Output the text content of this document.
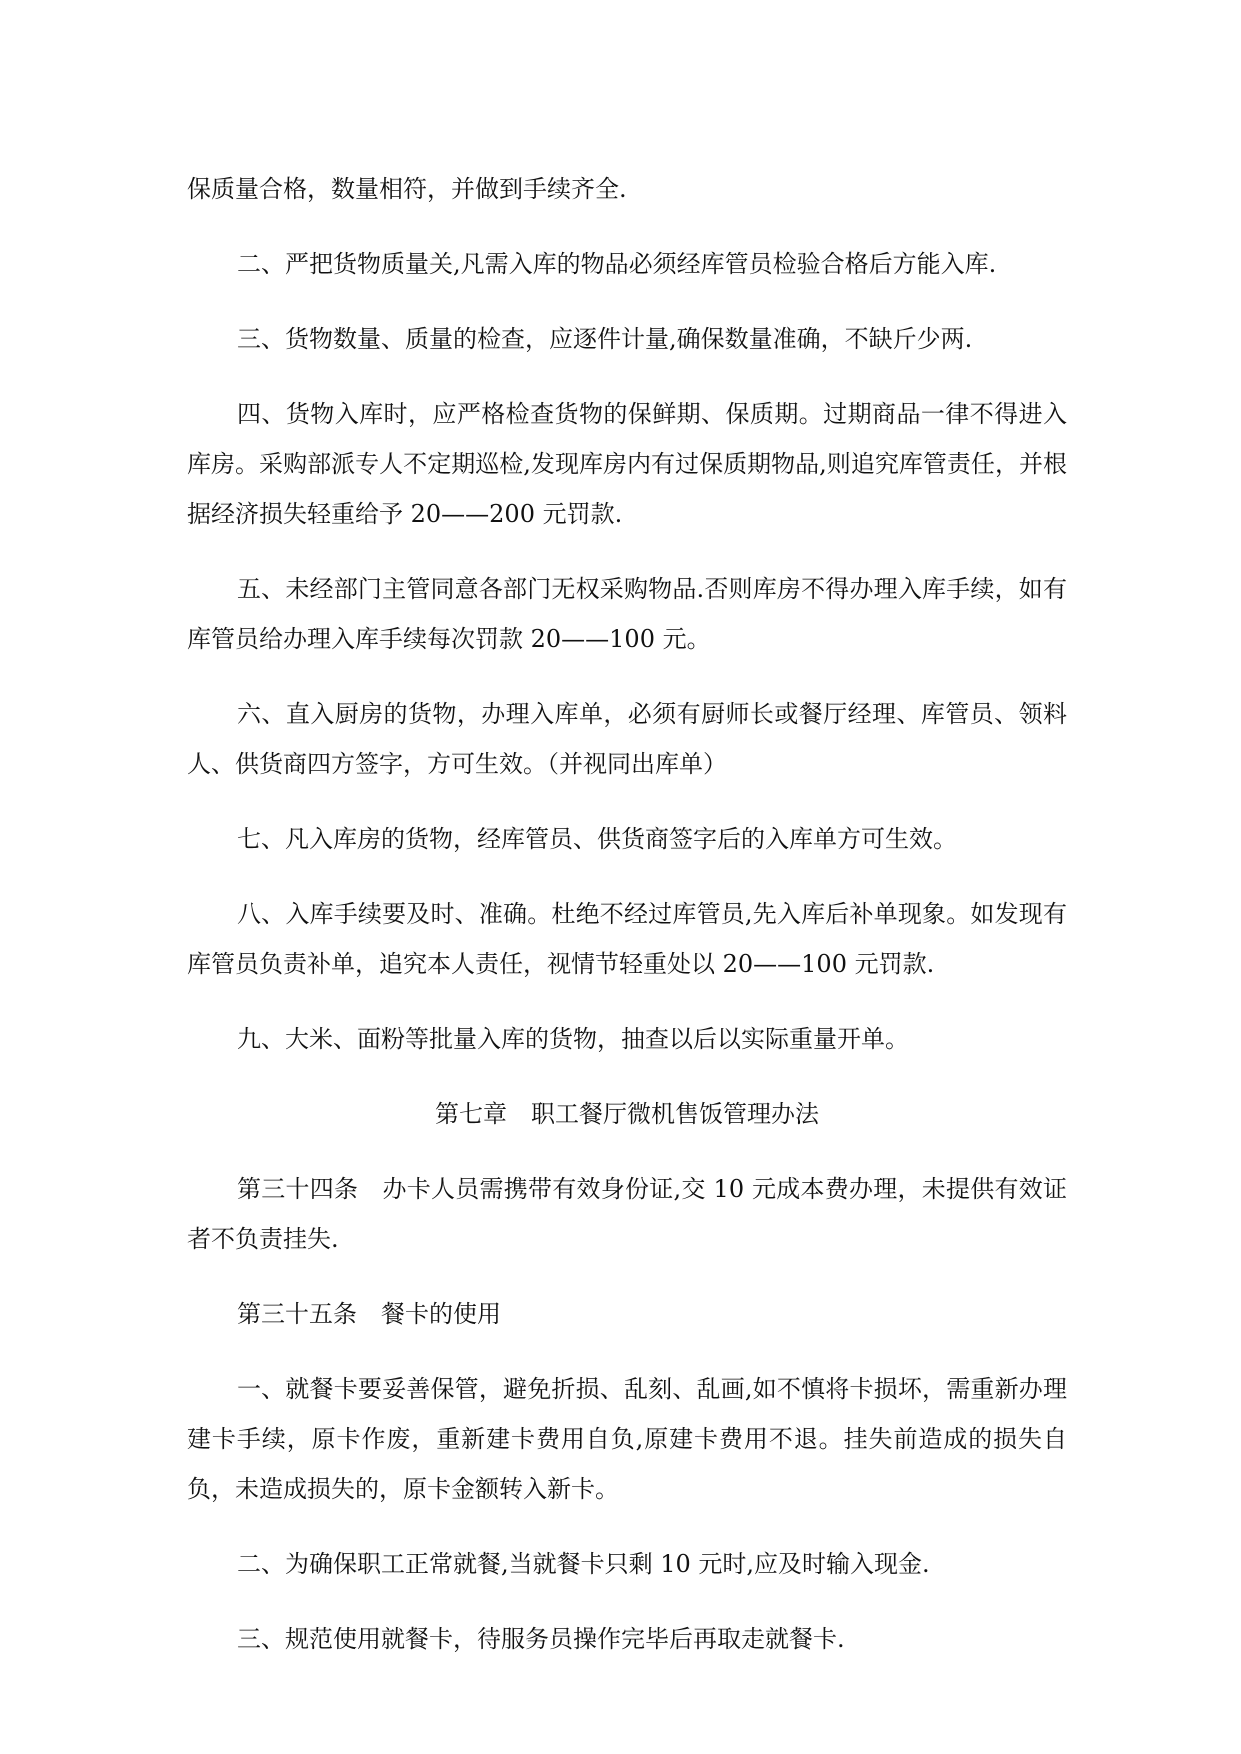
保质量合格，数量相符，并做到手续齐全.

二、严把货物质量关,凡需入库的物品必须经库管员检验合格后方能入库.

三、货物数量、质量的检查，应逐件计量,确保数量准确，不缺斤少两.

四、货物入库时，应严格检查货物的保鲜期、保质期。过期商品一律不得进入库房。采购部派专人不定期巡检,发现库房内有过保质期物品,则追究库管责任，并根据经济损失轻重给予 20——200 元罚款.

五、未经部门主管同意各部门无权采购物品.否则库房不得办理入库手续，如有库管员给办理入库手续每次罚款 20——100 元。

六、直入厨房的货物，办理入库单，必须有厨师长或餐厅经理、库管员、领料人、供货商四方签字，方可生效。（并视同出库单）

七、凡入库房的货物，经库管员、供货商签字后的入库单方可生效。

八、入库手续要及时、准确。杜绝不经过库管员,先入库后补单现象。如发现有库管员负责补单，追究本人责任，视情节轻重处以 20——100 元罚款.

九、大米、面粉等批量入库的货物，抽查以后以实际重量开单。

第七章　职工餐厅微机售饭管理办法

第三十四条　办卡人员需携带有效身份证,交 10 元成本费办理，未提供有效证者不负责挂失.

第三十五条　餐卡的使用

一、就餐卡要妥善保管，避免折损、乱刻、乱画,如不慎将卡损坏，需重新办理建卡手续，原卡作废，重新建卡费用自负,原建卡费用不退。挂失前造成的损失自负，未造成损失的，原卡金额转入新卡。

二、为确保职工正常就餐,当就餐卡只剩 10 元时,应及时输入现金.

三、规范使用就餐卡，待服务员操作完毕后再取走就餐卡.
